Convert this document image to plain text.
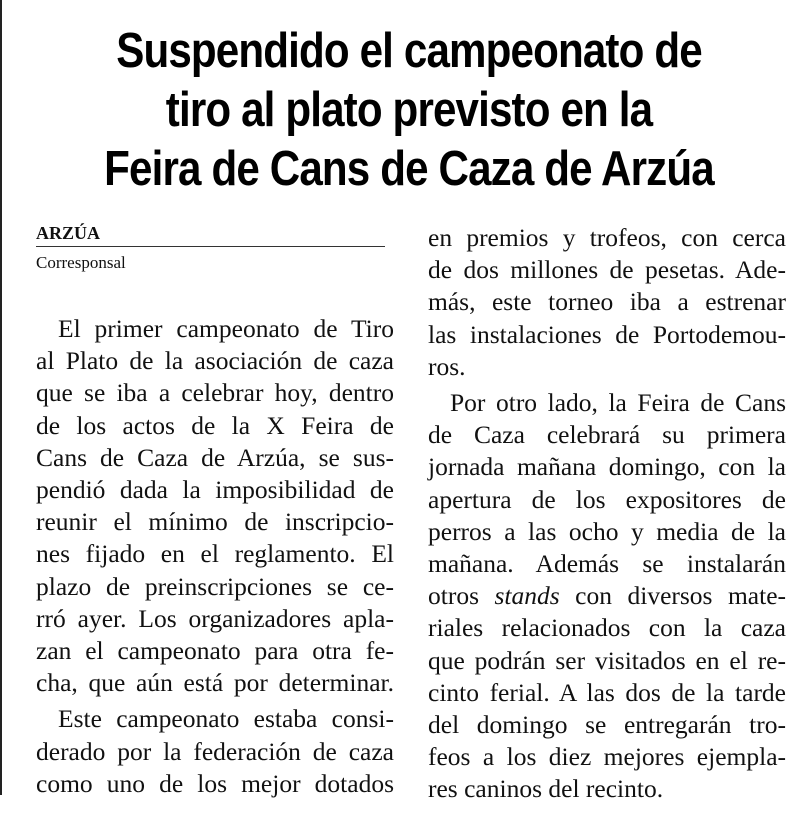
Suspendido el campeonato de
tiro al plato previsto en la
Feira de Cans de Caza de Arzúa

ARZÚA

Corresponsal

El primer campeonato de Tiro
al Plato de la asociación de caza
que se iba a celebrar hoy, dentro
de los actos de la X Feira de
Cans de Caza de Arzúa, se sus-
pendió dada la imposibilidad de
reunir el mínimo de inscripcio-
nes fijado en el reglamento. El
plazo de preinscripciones se ce-
rró ayer. Los organizadores apla-
zan el campeonato para otra fe-
cha, que aún está por determinar.

Este campeonato estaba consi-
derado por la federación de caza
como uno de los mejor dotados

en premios y trofeos, con cerca
de dos millones de pesetas. Ade-
más, este torneo iba a estrenar
las instalaciones de Portodemou-
ros.

Por otro lado, la Feira de Cans
de Caza celebrará su primera
jornada mañana domingo, con la
apertura de los expositores de
perros a las ocho y media de la
mañana. Además se instalarán
otros stands con diversos mate-
riales relacionados con la caza
que podrán ser visitados en el re-
cinto ferial. A las dos de la tarde
del domingo se entregarán tro-
feos a los diez mejores ejempla-
res caninos del recinto.
